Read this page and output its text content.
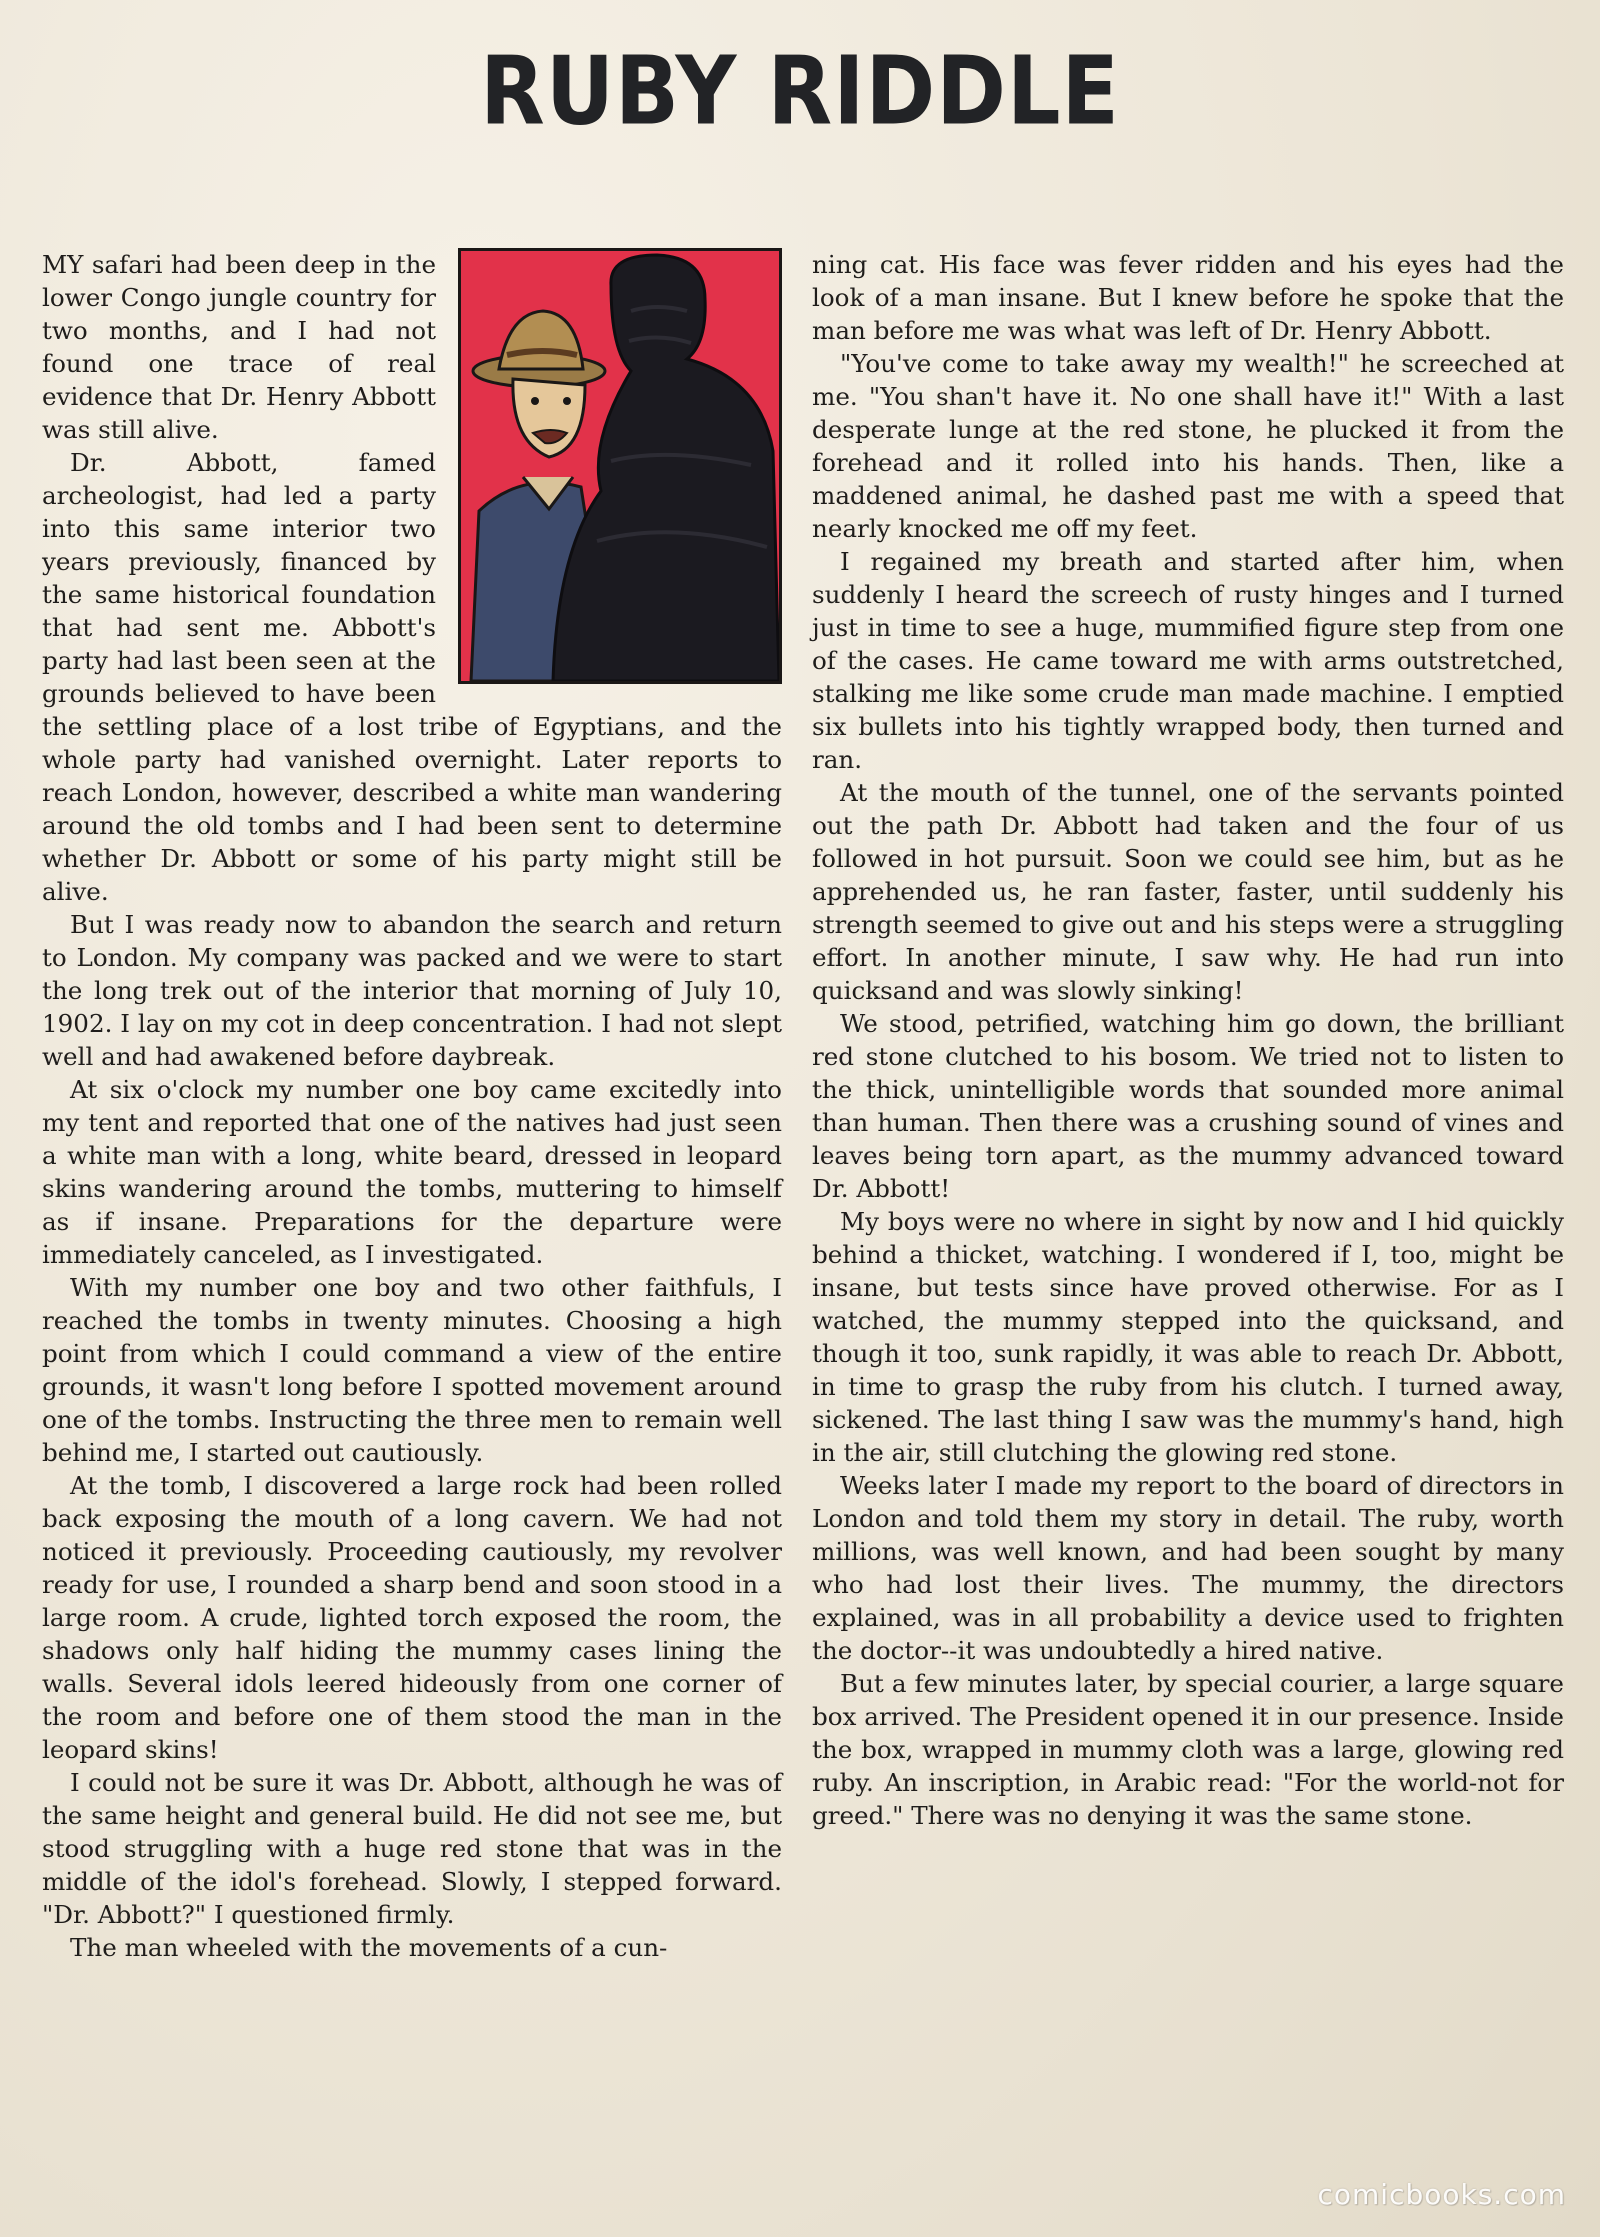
RUBY RIDDLE

MY safari had been deep in the lower Congo jungle country for two months, and I had not found one trace of real evidence that Dr. Henry Abbott was still alive.

Dr. Abbott, famed archeologist, had led a party into this same interior two years previously, financed by the same historical foundation that had sent me. Abbott's party had last been seen at the grounds believed to have been the settling place of a lost tribe of Egyptians, and the whole party had vanished overnight. Later reports to reach London, however, described a white man wandering around the old tombs and I had been sent to determine whether Dr. Abbott or some of his party might still be alive.

But I was ready now to abandon the search and return to London. My company was packed and we were to start the long trek out of the interior that morning of July 10, 1902. I lay on my cot in deep concentration. I had not slept well and had awakened before daybreak.

At six o'clock my number one boy came excitedly into my tent and reported that one of the natives had just seen a white man with a long, white beard, dressed in leopard skins wandering around the tombs, muttering to himself as if insane. Preparations for the departure were immediately canceled, as I investigated.

With my number one boy and two other faithfuls, I reached the tombs in twenty minutes. Choosing a high point from which I could command a view of the entire grounds, it wasn't long before I spotted movement around one of the tombs. Instructing the three men to remain well behind me, I started out cautiously.

At the tomb, I discovered a large rock had been rolled back exposing the mouth of a long cavern. We had not noticed it previously. Proceeding cautiously, my revolver ready for use, I rounded a sharp bend and soon stood in a large room. A crude, lighted torch exposed the room, the shadows only half hiding the mummy cases lining the walls. Several idols leered hideously from one corner of the room and before one of them stood the man in the leopard skins!

I could not be sure it was Dr. Abbott, although he was of the same height and general build. He did not see me, but stood struggling with a huge red stone that was in the middle of the idol's forehead. Slowly, I stepped forward. "Dr. Abbott?" I questioned firmly.

The man wheeled with the movements of a cun-

ning cat. His face was fever ridden and his eyes had the look of a man insane. But I knew before he spoke that the man before me was what was left of Dr. Henry Abbott.

"You've come to take away my wealth!" he screeched at me. "You shan't have it. No one shall have it!" With a last desperate lunge at the red stone, he plucked it from the forehead and it rolled into his hands. Then, like a maddened animal, he dashed past me with a speed that nearly knocked me off my feet.

I regained my breath and started after him, when suddenly I heard the screech of rusty hinges and I turned just in time to see a huge, mummified figure step from one of the cases. He came toward me with arms outstretched, stalking me like some crude man made machine. I emptied six bullets into his tightly wrapped body, then turned and ran.

At the mouth of the tunnel, one of the servants pointed out the path Dr. Abbott had taken and the four of us followed in hot pursuit. Soon we could see him, but as he apprehended us, he ran faster, faster, until suddenly his strength seemed to give out and his steps were a struggling effort. In another minute, I saw why. He had run into quicksand and was slowly sinking!

We stood, petrified, watching him go down, the brilliant red stone clutched to his bosom. We tried not to listen to the thick, unintelligible words that sounded more animal than human. Then there was a crushing sound of vines and leaves being torn apart, as the mummy advanced toward Dr. Abbott!

My boys were no where in sight by now and I hid quickly behind a thicket, watching. I wondered if I, too, might be insane, but tests since have proved otherwise. For as I watched, the mummy stepped into the quicksand, and though it too, sunk rapidly, it was able to reach Dr. Abbott, in time to grasp the ruby from his clutch. I turned away, sickened. The last thing I saw was the mummy's hand, high in the air, still clutching the glowing red stone.

Weeks later I made my report to the board of directors in London and told them my story in detail. The ruby, worth millions, was well known, and had been sought by many who had lost their lives. The mummy, the directors explained, was in all probability a device used to frighten the doctor--it was undoubtedly a hired native.

But a few minutes later, by special courier, a large square box arrived. The President opened it in our presence. Inside the box, wrapped in mummy cloth was a large, glowing red ruby. An inscription, in Arabic read: "For the world-not for greed." There was no denying it was the same stone.

comicbooks.com
